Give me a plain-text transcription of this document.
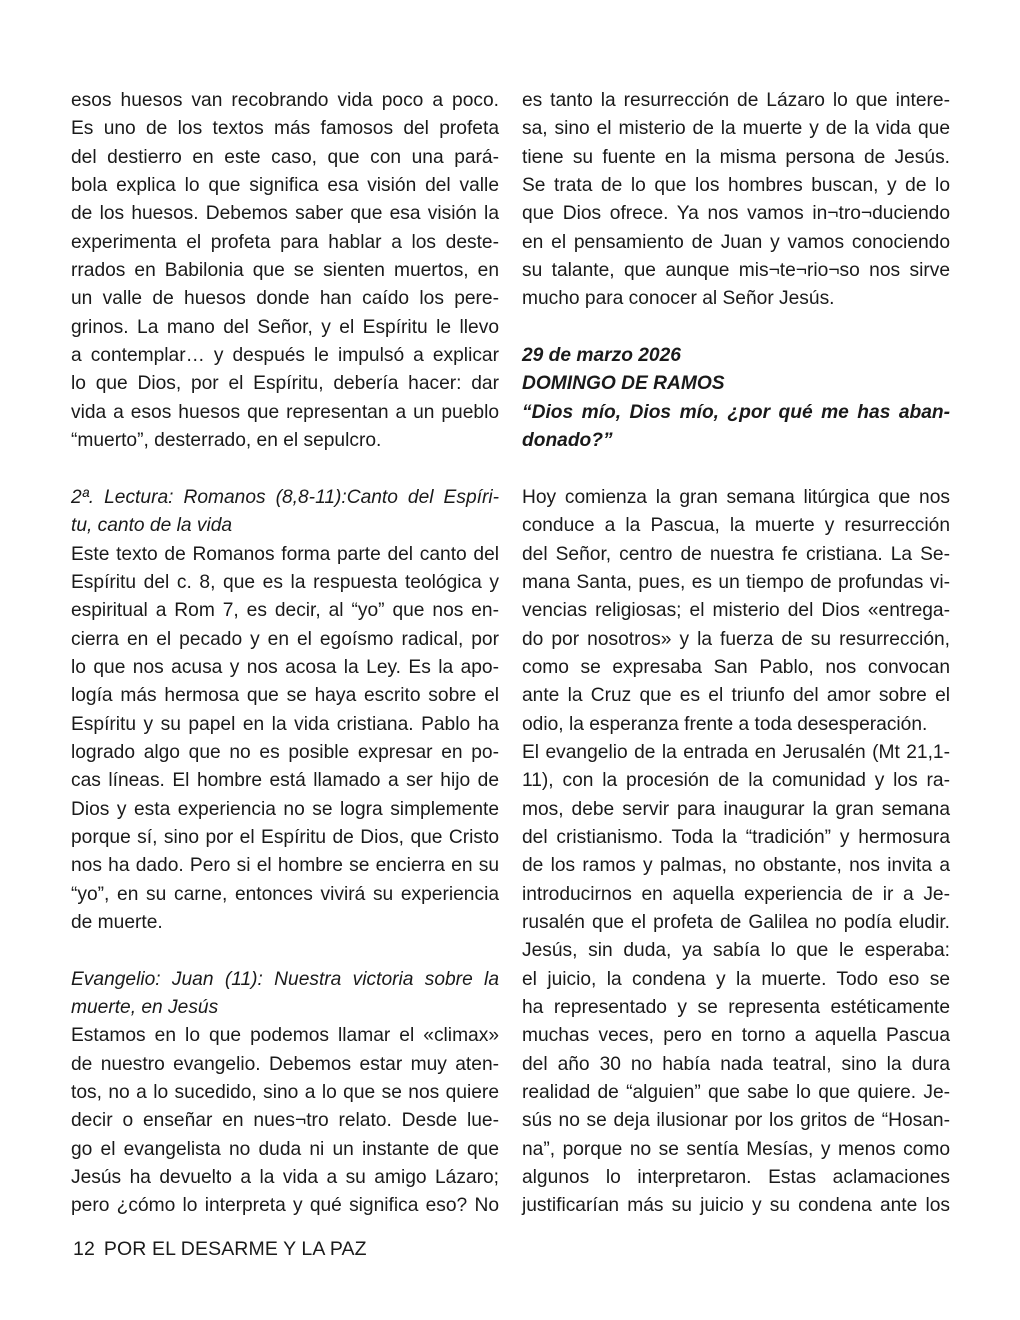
esos huesos van recobrando vida poco a poco.
Es uno de los textos más famosos del profeta
del destierro en este caso, que con una pará-
bola explica lo que significa esa visión del valle
de los huesos. Debemos saber que esa visión la
experimenta el profeta para hablar a los deste-
rrados en Babilonia que se sienten muertos, en
un valle de huesos donde han caído los pere-
grinos. La mano del Señor, y el Espíritu le llevo
a contemplar… y después le impulsó a explicar
lo que Dios, por el Espíritu, debería hacer: dar
vida a esos huesos que representan a un pueblo
“muerto”, desterrado, en el sepulcro.
2ª. Lectura: Romanos (8,8-11):Canto del Espíri-
tu, canto de la vida
Este texto de Romanos forma parte del canto del
Espíritu del c. 8, que es la respuesta teológica y
espiritual a Rom 7, es decir, al “yo” que nos en-
cierra en el pecado y en el egoísmo radical, por
lo que nos acusa y nos acosa la Ley. Es la apo-
logía más hermosa que se haya escrito sobre el
Espíritu y su papel en la vida cristiana. Pablo ha
logrado algo que no es posible expresar en po-
cas líneas. El hombre está llamado a ser hijo de
Dios y esta experiencia no se logra simplemente
porque sí, sino por el Espíritu de Dios, que Cristo
nos ha dado. Pero si el hombre se encierra en su
“yo”, en su carne, entonces vivirá su experiencia
de muerte.
Evangelio: Juan (11): Nuestra victoria sobre la
muerte, en Jesús
Estamos en lo que podemos llamar el «climax»
de nuestro evangelio. Debemos estar muy aten-
tos, no a lo sucedido, sino a lo que se nos quiere
decir o enseñar en nues¬tro relato. Desde lue-
go el evangelista no duda ni un instante de que
Jesús ha devuelto a la vida a su amigo Lázaro;
pero ¿cómo lo interpreta y qué significa eso? No
es tanto la resurrección de Lázaro lo que intere-
sa, sino el misterio de la muerte y de la vida que
tiene su fuente en la misma persona de Jesús.
Se trata de lo que los hombres buscan, y de lo
que Dios ofrece. Ya nos vamos in¬tro¬duciendo
en el pensamiento de Juan y vamos conociendo
su talante, que aunque mis¬te¬rio¬so nos sirve
mucho para conocer al Señor Jesús.
29 de marzo 2026
DOMINGO DE RAMOS
“Dios mío, Dios mío, ¿por qué me has aban-
donado?”
Hoy comienza la gran semana litúrgica que nos
conduce a la Pascua, la muerte y resurrección
del Señor, centro de nuestra fe cristiana. La Se-
mana Santa, pues, es un tiempo de profundas vi-
vencias religiosas; el misterio del Dios «entrega-
do por nosotros» y la fuerza de su resurrección,
como se expresaba San Pablo, nos convocan
ante la Cruz que es el triunfo del amor sobre el
odio, la esperanza frente a toda desesperación.
El evangelio de la entrada en Jerusalén (Mt 21,1-
11), con la procesión de la comunidad y los ra-
mos, debe servir para inaugurar la gran semana
del cristianismo. Toda la “tradición” y hermosura
de los ramos y palmas, no obstante, nos invita a
introducirnos en aquella experiencia de ir a Je-
rusalén que el profeta de Galilea no podía eludir.
Jesús, sin duda, ya sabía lo que le esperaba:
el juicio, la condena y la muerte. Todo eso se
ha representado y se representa estéticamente
muchas veces, pero en torno a aquella Pascua
del año 30 no había nada teatral, sino la dura
realidad de “alguien” que sabe lo que quiere. Je-
sús no se deja ilusionar por los gritos de “Hosan-
na”, porque no se sentía Mesías, y menos como
algunos lo interpretaron. Estas aclamaciones
justificarían más su juicio y su condena ante los
12 POR EL DESARME Y LA PAZ
